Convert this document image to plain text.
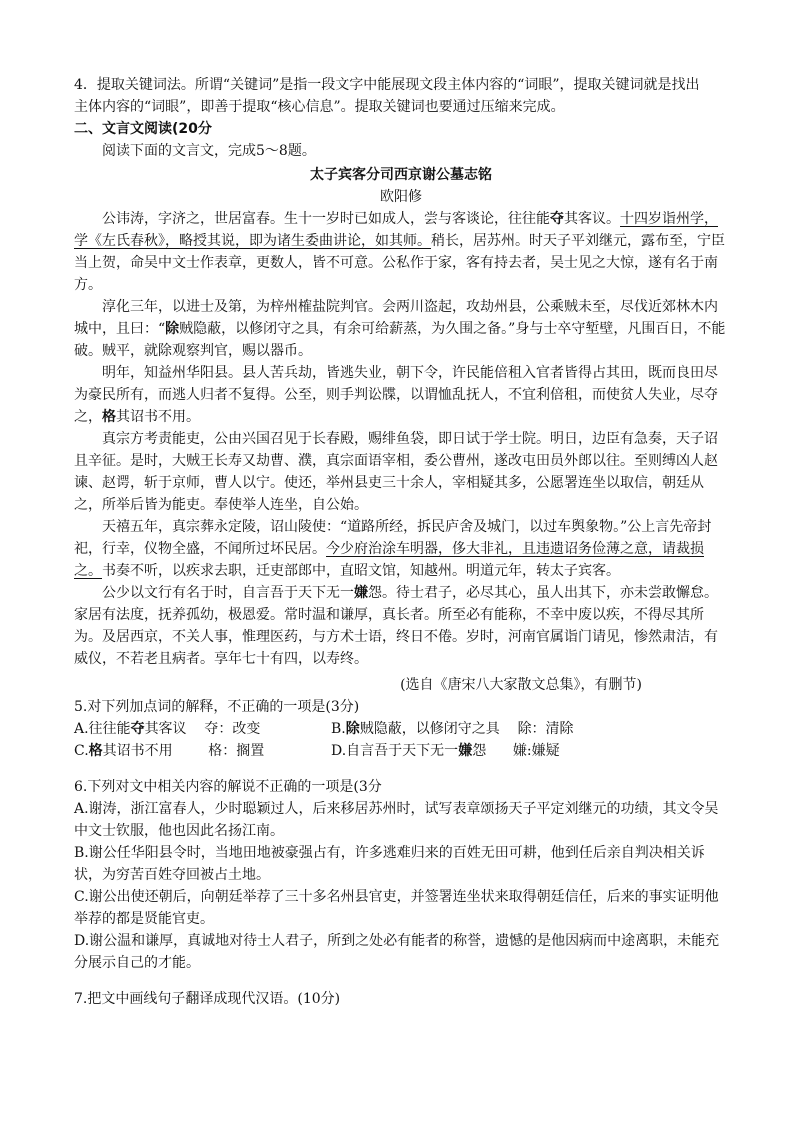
4．提取关键词法。所谓“关键词”是指一段文字中能展现文段主体内容的“词眼”，提取关键词就是找出

主体内容的“词眼”，即善于提取“核心信息”。提取关键词也要通过压缩来完成。

二、文言文阅读(20分

阅读下面的文言文，完成5～8题。

太子宾客分司西京谢公墓志铭

欧阳修

公讳涛，字济之，世居富春。生十一岁时已如成人，尝与客谈论，往往能夺其客议。十四岁诣州学，学《左氏春秋》，略授其说，即为诸生委曲讲论，如其师。稍长，居苏州。时天子平刘继元，露布至，宁臣当上贺，命吴中文士作表章，更数人，皆不可意。公私作于家，客有持去者，吴士见之大惊，遂有名于南方。

淳化三年，以进士及第，为梓州榷盐院判官。会两川盗起，攻劫州县，公乘贼未至，尽伐近郊林木内城中，且曰：“除贼隐蔽，以修闭守之具，有余可给薪蒸，为久围之备。”身与士卒守堑壁，凡围百日，不能破。贼平，就除观察判官，赐以器币。

明年，知益州华阳县。县人苦兵劫，皆逃失业，朝下令，许民能倍租入官者皆得占其田，既而良田尽为豪民所有，而逃人归者不复得。公至，则手判讼牒，以谓恤乱抚人，不宜利倍租，而使贫人失业，尽夺之，格其诏书不用。

真宗方考责能吏，公由兴国召见于长春殿，赐绯鱼袋，即日试于学士院。明日，边臣有急奏，天子诏且辛征。是时，大贼王长寿又劫曹、濮，真宗面语宰相，委公曹州，遂改屯田员外郎以往。至则缚凶人赵谏、赵谔，斩于京师，曹人以宁。使还，举州县吏三十余人，宰相疑其多，公愿署连坐以取信，朝廷从之，所举后皆为能吏。奉使举人连坐，自公始。

天禧五年，真宗葬永定陵，诏山陵使：“道路所经，拆民庐舍及城门，以过车舆象物。”公上言先帝封祀，行幸，仪物全盛，不闻所过坏民居。今少府治涂车明器，侈大非礼，且违遗诏务俭薄之意，请裁损之。书奏不听，以疾求去职，迁吏部郎中，直昭文馆，知越州。明道元年，转太子宾客。

公少以文行有名于时，自言吾于天下无一嫌怨。待士君子，必尽其心，虽人出其下，亦未尝敢懈怠。家居有法度，抚养孤幼，极恩爱。常时温和谦厚，真长者。所至必有能称，不幸中废以疾，不得尽其所为。及居西京，不关人事，惟理医药，与方术士语，终日不倦。岁时，河南官属诣门请见，惨然肃洁，有威仪，不若老且病者。享年七十有四，以寿终。

(选自《唐宋八大家散文总集》，有删节)

5.对下列加点词的解释，不正确的一项是(3分)

A.往往能夺其客议 夺：改变	B.除贼隐蔽，以修闭守之具 除：清除
C.格其诏书不用	格：搁置	D.自言吾于天下无一嫌怨 嫌:嫌疑

6.下列对文中相关内容的解说不正确的一项是(3分

A.谢涛，浙江富春人，少时聪颖过人，后来移居苏州时，试写表章颂扬天子平定刘继元的功绩，其文令吴中文士钦服，他也因此名扬江南。

B.谢公任华阳县令时，当地田地被豪强占有，许多逃难归来的百姓无田可耕，他到任后亲自判决相关诉状，为穷苦百姓夺回被占土地。

C.谢公出使还朝后，向朝廷举荐了三十多名州县官吏，并签署连坐状来取得朝廷信任，后来的事实证明他举荐的都是贤能官吏。

D.谢公温和谦厚，真诚地对待士人君子，所到之处必有能者的称誉，遗憾的是他因病而中途离职，未能充分展示自己的才能。

7.把文中画线句子翻译成现代汉语。(10分)
